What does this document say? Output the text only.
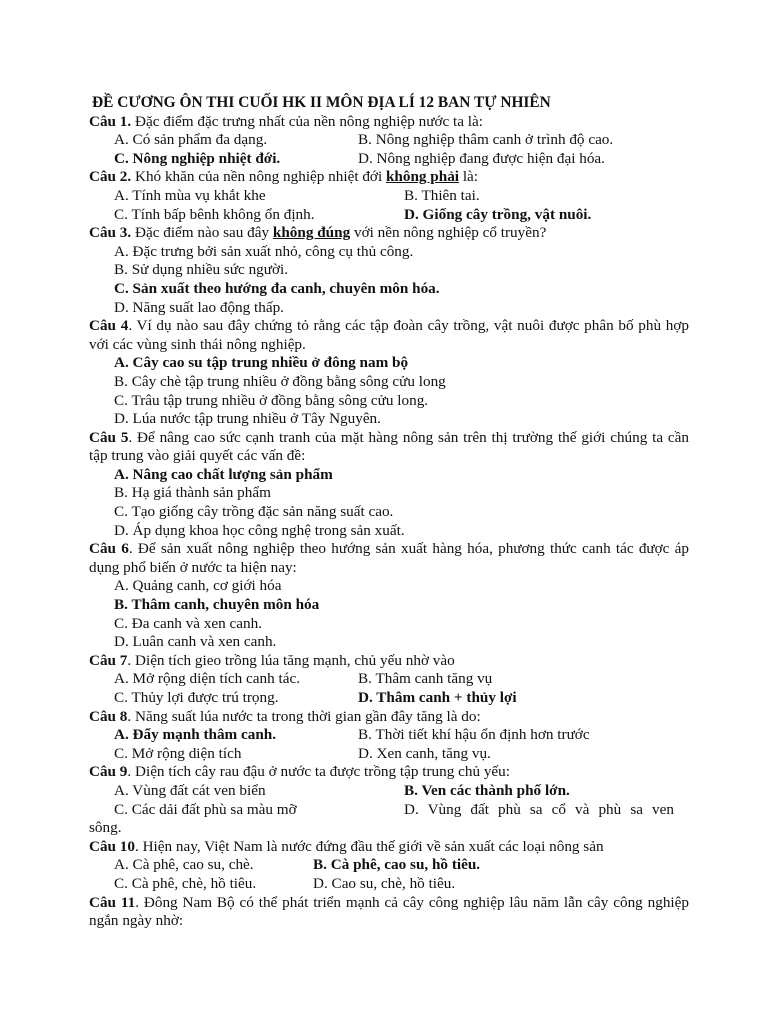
ĐỀ CƯƠNG ÔN THI CUỐI HK II MÔN ĐỊA LÍ 12 BAN TỰ NHIÊN
Câu 1. Đặc điểm đặc trưng nhất của nền nông nghiệp nước ta là:
A. Có sản phẩm đa dạng.	B. Nông nghiệp thâm canh ở trình độ cao.
C. Nông nghiệp nhiệt đới.	D. Nông nghiệp đang được hiện đại hóa.
Câu 2. Khó khăn của nền nông nghiệp nhiệt đới không phải là:
A. Tính mùa vụ khắt khe	B. Thiên tai.
C. Tính bấp bênh không ổn định.	D. Giống cây trồng, vật nuôi.
Câu 3. Đặc điểm nào sau đây không đúng với nền nông nghiệp cổ truyền?
A. Đặc trưng bởi sản xuất nhỏ, công cụ thủ công.
B. Sử dụng nhiều sức người.
C. Sản xuất theo hướng đa canh, chuyên môn hóa.
D. Năng suất lao động thấp.
Câu 4. Ví dụ nào sau đây chứng tỏ rằng các tập đoàn cây trồng, vật nuôi được phân bố phù hợp với các vùng sinh thái nông nghiệp.
A. Cây cao su tập trung nhiều ở đông nam bộ
B. Cây chè tập trung nhiều ở đồng bằng sông cửu long
C. Trâu tập trung nhiều ở đồng bằng sông cửu long.
D. Lúa nước tập trung nhiều ở Tây Nguyên.
Câu 5. Để nâng cao sức cạnh tranh của mặt hàng nông sản trên thị trường thế giới chúng ta cần tập trung vào giải quyết các vấn đề:
A. Nâng cao chất lượng sản phẩm
B. Hạ giá thành sản phẩm
C. Tạo giống cây trồng đặc sản năng suất cao.
D. Áp dụng khoa học công nghệ trong sản xuất.
Câu 6. Để sản xuất nông nghiệp theo hướng sản xuất hàng hóa, phương thức canh tác được áp dụng phổ biến ở nước ta hiện nay:
A. Quảng canh, cơ giới hóa
B. Thâm canh, chuyên môn hóa
C. Đa canh và xen canh.
D. Luân canh và xen canh.
Câu 7. Diện tích gieo trồng lúa tăng mạnh, chủ yếu nhờ vào
A. Mở rộng diện tích canh tác.	B. Thâm canh tăng vụ
C. Thủy lợi được trú trọng.	D. Thâm canh + thủy lợi
Câu 8. Năng suất lúa nước ta trong thời gian gần đây tăng là do:
A. Đẩy mạnh thâm canh.	B. Thời tiết khí hậu ổn định hơn trước
C. Mở rộng diện tích	D. Xen canh, tăng vụ.
Câu 9. Diện tích cây rau đậu ở nước ta được trồng tập trung chủ yếu:
A. Vùng đất cát ven biển	B. Ven các thành phố lớn.
C. Các dải đất phù sa màu mỡ	D. Vùng đất phù sa cổ và phù sa ven
sông.
Câu 10. Hiện nay, Việt Nam là nước đứng đầu thế giới về sản xuất các loại nông sản
A. Cà phê, cao su, chè.	B. Cà phê, cao su, hồ tiêu.
C. Cà phê, chè, hồ tiêu.	D. Cao su, chè, hồ tiêu.
Câu 11. Đông Nam Bộ có thể phát triển mạnh cả cây công nghiệp lâu năm lẫn cây công nghiệp ngắn ngày nhờ:
